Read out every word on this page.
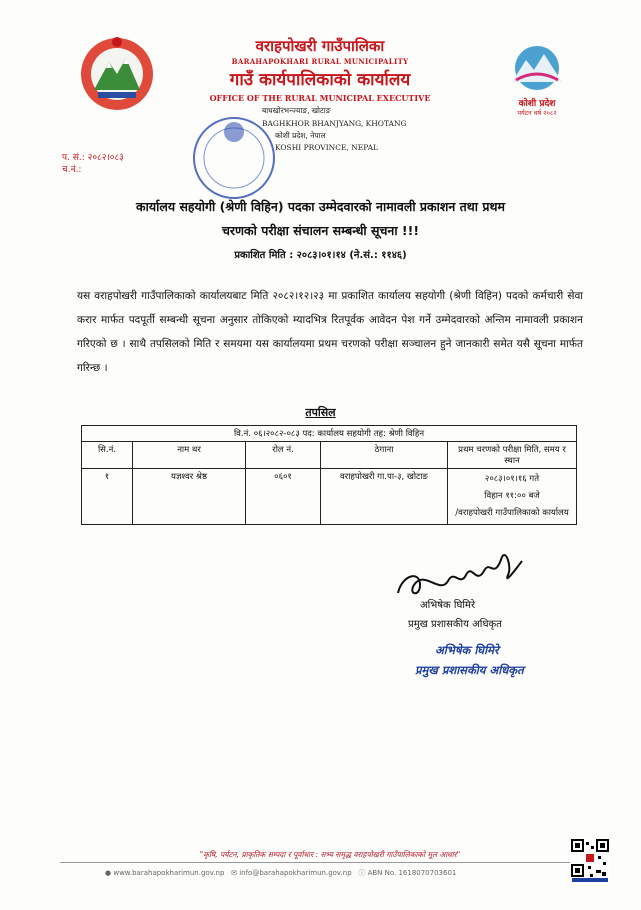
वराहपोखरी गाउँपालिका
BARAHAPOKHARI RURAL MUNICIPALITY
गाउँ कार्यपालिकाको कार्यालय
OFFICE OF THE RURAL MUNICIPAL EXECUTIVE
बाघखोरभन्ज्याङ, खोटाङ
BAGHKHOR BHANJYANG, KHOTANG
कोशी प्रदेश, नेपाल
KOSHI PROVINCE, NEPAL
कोशी प्रदेश
पर्यटन वर्ष २०८२
प. सं.: २०८२।०८३
च.नं.:
कार्यालय सहयोगी (श्रेणी विहिन) पदका उम्मेदवारको नामावली प्रकाशन तथा प्रथम
चरणको परीक्षा संचालन सम्बन्धी सूचना !!!
प्रकाशित मिति : २०८३।०१।१४ (ने.सं.: ११४६)
यस वराहपोखरी गाउँपालिकाको कार्यालयबाट मिति २०८२।१२।२३ मा प्रकाशित कार्यालय सहयोगी (श्रेणी विहिन) पदको कर्मचारी सेवा करार मार्फत पदपूर्ती सम्बन्धी सूचना अनुसार तोकिएको म्यादभित्र रितपूर्वक आवेदन पेश गर्ने उम्मेदवारको अन्तिम नामावली प्रकाशन गरिएको छ । साथै तपसिलको मिति र समयमा यस कार्यालयमा प्रथम चरणको परीक्षा सञ्चालन हुने जानकारी समेत यसै सूचना मार्फत गरिन्छ ।
तपसिल
वि.नं. ०६।२०८२-०८३ पद: कार्यालय सहयोगी तह: श्रेणी विहिन				
सि.नं.	नाम थर	रोल नं.	ठेगाना	प्रथम चरणको परीक्षा मिति, समय र स्थान
१	यज्ञश्वर श्रेष्ठ	०६०१	वराहपोखरी गा.पा-३, खोटाङ	२०८३।०१।१६ गते
विहान ११:०० बजे
/वराहपोखरी गाउँपालिकाको कार्यालय
अभिषेक घिमिरे
प्रमुख प्रशासकीय अधिकृत
अभिषेक घिमिरे
प्रमुख प्रशासकीय अधिकृत
"कृषि, पर्यटन, प्राकृतिक सम्पदा र पूर्वाधार : सभ्य समृद्ध वराहपोखरी गाउँपालिकाको मूल आधार"
● www.barahapokharimun.gov.np ✉ info@barahapokharimun.gov.np ⓘ ABN No. 1618070703601
